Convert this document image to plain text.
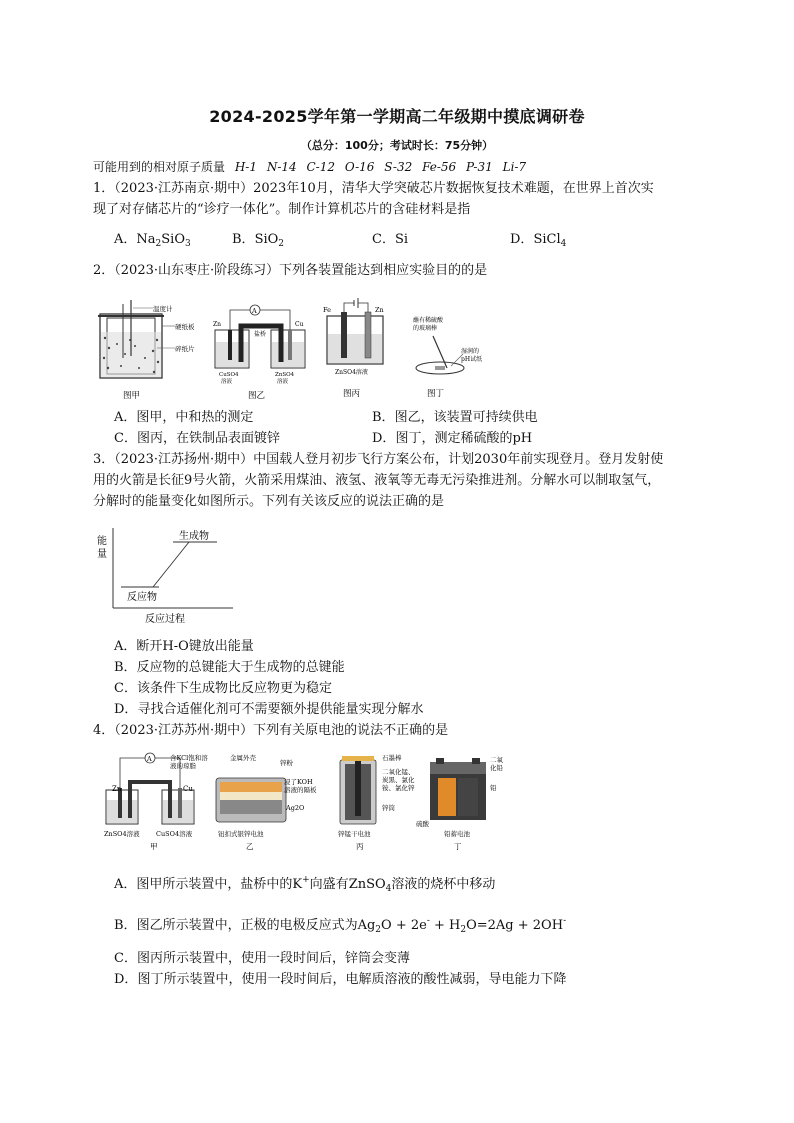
2024-2025学年第一学期高二年级期中摸底调研卷
（总分：100分；考试时长：75分钟）
可能用到的相对原子质量 H-1 N-14 C-12 O-16 S-32 Fe-56 P-31 Li-7
1．（2023·江苏南京·期中）2023年10月，清华大学突破芯片数据恢复技术难题，在世界上首次实
现了对存储芯片的“诊疗一体化”。制作计算机芯片的含硅材料是指
A．$Na_2SiO_3$	B．SiO$_2$	C．Si	D．SiCl$_4$
2．（2023·山东枣庄·阶段练习）下列各装置能达到相应实验目的的是
温度计
硬纸板
碎纸片
图甲
A
Zn
盐桥
Cu
CuSO4
溶液
ZnSO4
溶液
图乙
Fe	Zn
ZnSO4溶液
图丙
蘸有稀硫酸
的玻璃棒
湿润的
pH试纸
图丁
A．图甲，中和热的测定	B．图乙，该装置可持续供电
C．图丙，在铁制品表面镀锌	D．图丁，测定稀硫酸的pH
3．（2023·江苏扬州·期中）中国载人登月初步飞行方案公布，计划2030年前实现登月。登月发射使
用的火箭是长征9号火箭，火箭采用煤油、液氢、液氧等无毒无污染推进剂。分解水可以制取氢气，
分解时的能量变化如图所示。下列有关该反应的说法正确的是
能
量
生成物
反应物
反应过程
A．断开H-O键放出能量
B．反应物的总键能大于生成物的总键能
C．该条件下生成物比反应物更为稳定
D．寻找合适催化剂可不需要额外提供能量实现分解水
4．（2023·江苏苏州·期中）下列有关原电池的说法不正确的是
A	含KCl饱和溶
液的琼脂
Zn	Cu
ZnSO4溶液	CuSO4溶液
甲
金属外壳
锌粉
浸了KOH
溶液的隔板
Ag2O
钮扣式银锌电池
乙
石墨棒
二氧化锰、
炭黑、氯化
铵、氯化锌
锌筒
锌锰干电池
丙
二氧
化铅
铅
硫酸
铅蓄电池
丁
A．图甲所示装置中，盐桥中的K+向盛有ZnSO$_4$溶液的烧杯中移动
B．图乙所示装置中，正极的电极反应式为$Ag_2O + 2e^- + H_2O=2Ag + 2OH^-$
C．图丙所示装置中，使用一段时间后，锌筒会变薄
D．图丁所示装置中，使用一段时间后，电解质溶液的酸性减弱，导电能力下降
